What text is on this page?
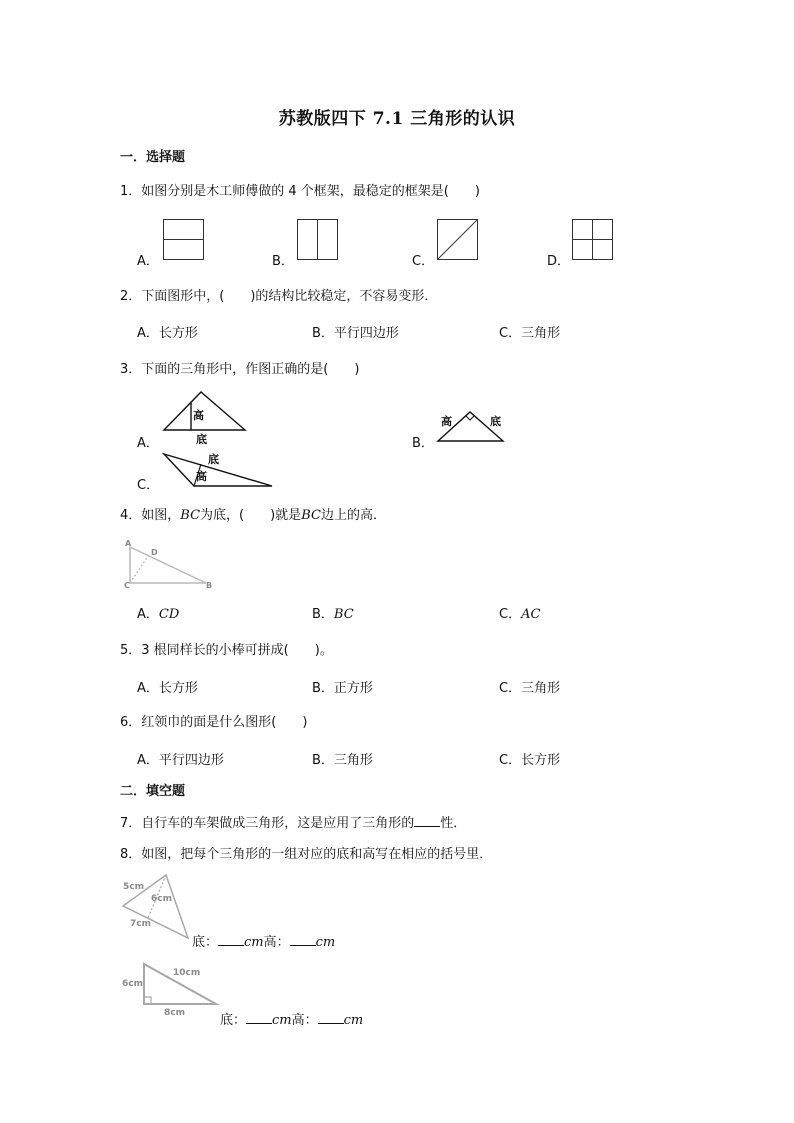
苏教版四下 7.1 三角形的认识
一．选择题
1．如图分别是木工师傅做的 4 个框架，最稳定的框架是(　　)
A．	B．	C．	D．
2．下面图形中，(　　)的结构比较稳定，不容易变形．
A．长方形	B．平行四边形	C．三角形
3．下面的三角形中，作图正确的是(　　)
A．	B．
C．
高
底
高	底
底
高
4．如图，BC为底，(　　)就是BC边上的高．
A
D
C	B
A．CD	B．BC	C．AC
5．3 根同样长的小棒可拼成(　　)。
A．长方形	B．正方形	C．三角形
6．红领巾的面是什么图形(　　)
A．平行四边形	B．三角形	C．长方形
二．填空题
7．自行车的车架做成三角形，这是应用了三角形的 性．
8．如图，把每个三角形的一组对应的底和高写在相应的括号里．
5cm
6cm
7cm
底： cm高： cm
6cm
10cm
8cm	底： cm高： cm
